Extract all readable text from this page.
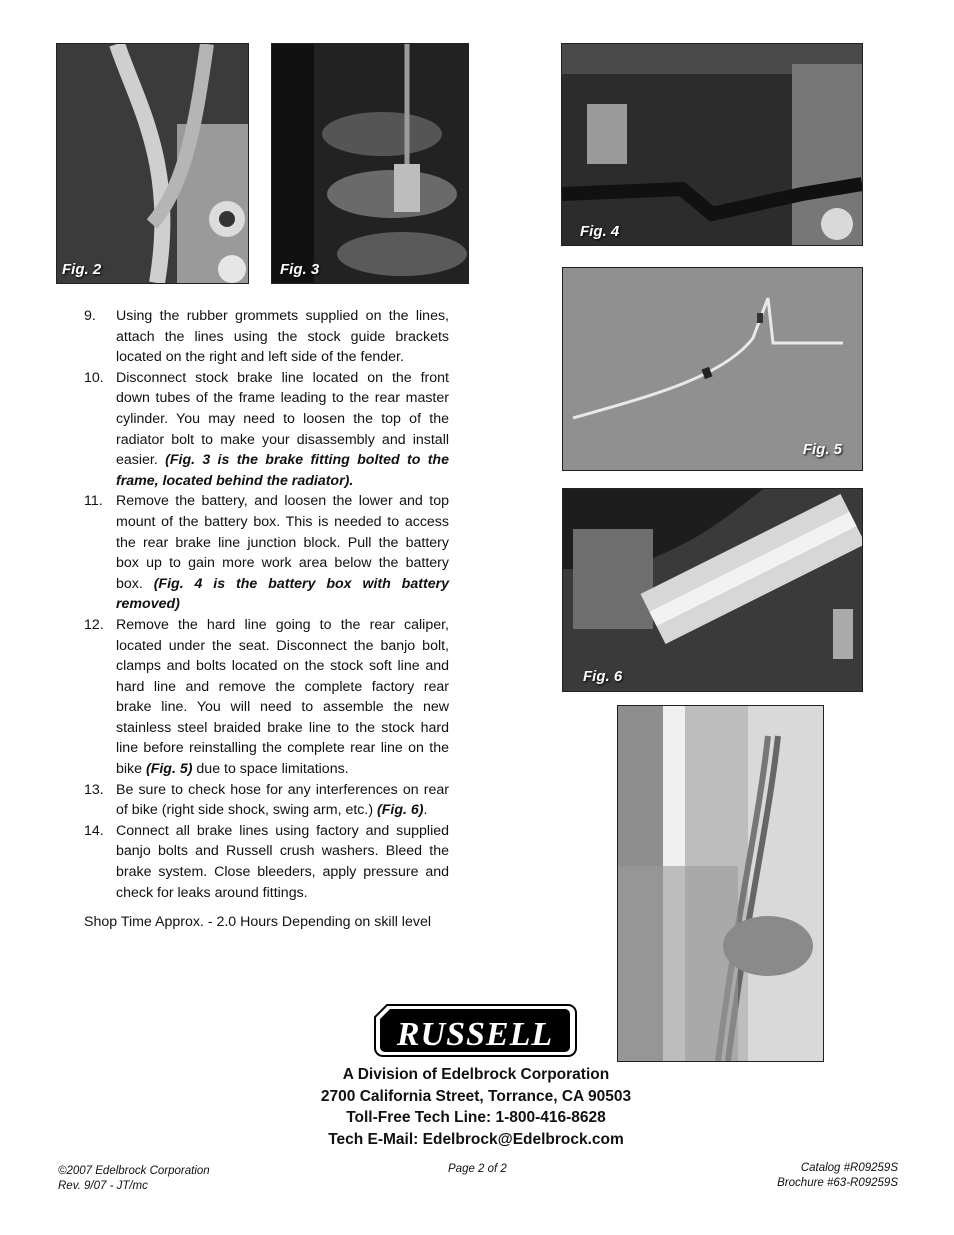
Fig. 2	Fig. 3
Fig. 4
Fig. 5
Fig. 6
9.	Using the rubber grommets supplied on the lines, attach the lines using the stock guide brackets located on the right and left side of the fender.
10. Disconnect stock brake line located on the front down tubes of the frame leading to the rear master cylinder. You may need to loosen the top of the radiator bolt to make your disassembly and install easier. (Fig. 3 is the brake fitting bolted to the frame, located behind the radiator).
11. Remove the battery, and loosen the lower and top mount of the battery box. This is needed to access the rear brake line junction block. Pull the battery box up to gain more work area below the battery box. (Fig. 4 is the battery box with battery removed)
12. Remove the hard line going to the rear caliper, located under the seat. Disconnect the banjo bolt, clamps and bolts located on the stock soft line and hard line and remove the complete factory rear brake line. You will need to assemble the new stainless steel braided brake line to the stock hard line before reinstalling the complete rear line on the bike (Fig. 5) due to space limitations.
13. Be sure to check hose for any interferences on rear of bike (right side shock, swing arm, etc.) (Fig. 6).
14. Connect all brake lines using factory and supplied banjo bolts and Russell crush washers. Bleed the brake system. Close bleeders, apply pressure and check for leaks around fittings.
Shop Time Approx. - 2.0 Hours Depending on skill level
RUSSELL
A Division of Edelbrock Corporation
2700 California Street, Torrance, CA 90503
Toll-Free Tech Line: 1-800-416-8628
Tech E-Mail: Edelbrock@Edelbrock.com
©2007 Edelbrock Corporation
Rev. 9/07 - JT/mc
Page 2 of 2	Catalog #R09259S
Brochure #63-R09259S
